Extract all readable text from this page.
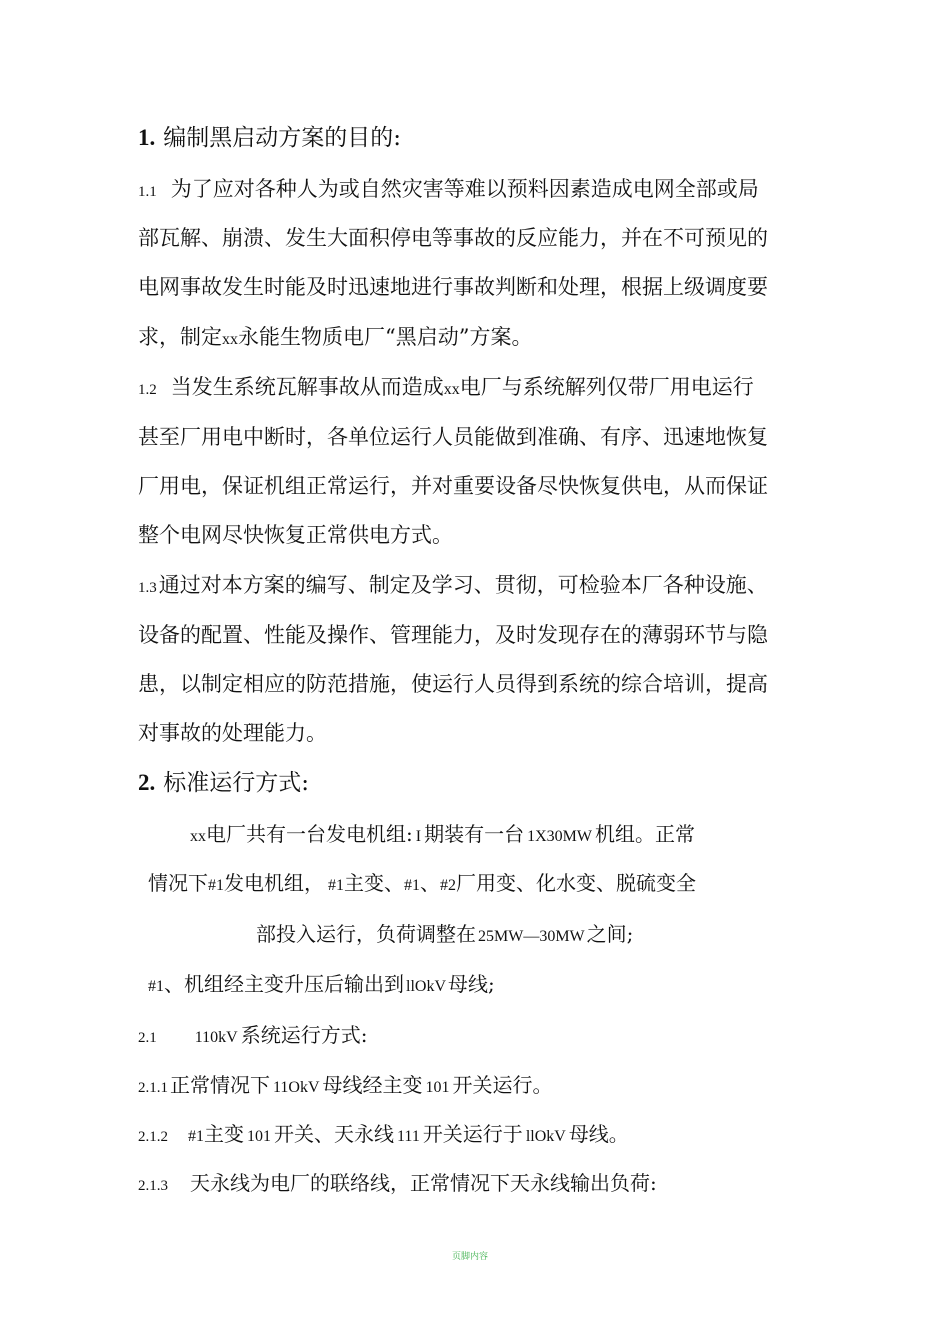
1. 编制黑启动方案的目的:
1.1 为了应对各种人为或自然灾害等难以预料因素造成电网全部或局
部瓦解、崩溃、发生大面积停电等事故的反应能力，并在不可预见的
电网事故发生时能及时迅速地进行事故判断和处理，根据上级调度要
求，制定xx永能生物质电厂“黑启动”方案。
1.2 当发生系统瓦解事故从而造成xx电厂与系统解列仅带厂用电运行
甚至厂用电中断时，各单位运行人员能做到准确、有序、迅速地恢复
厂用电，保证机组正常运行，并对重要设备尽快恢复供电，从而保证
整个电网尽快恢复正常供电方式。
1.3通过对本方案的编写、制定及学习、贯彻，可检验本厂各种设施、
设备的配置、性能及操作、管理能力，及时发现存在的薄弱环节与隐
患，以制定相应的防范措施，使运行人员得到系统的综合培训，提高
对事故的处理能力。
2. 标准运行方式:
xx电厂共有一台发电机组: I 期装有一台 1X30MW 机组。正常
情况下#1发电机组， #1主变、#1、#2厂用变、化水变、脱硫变全
部投入运行，负荷调整在 25MW—30MW 之间;
#1、机组经主变升压后输出到 llOkV 母线;
2.1 110kV 系统运行方式:
2.1.1 正常情况下 11OkV 母线经主变 101 开关运行。
2.1.2 #1主变 101 开关、天永线 111 开关运行于 llOkV 母线。
2.1.3 天永线为电厂的联络线，正常情况下天永线输出负荷:
页脚内容
